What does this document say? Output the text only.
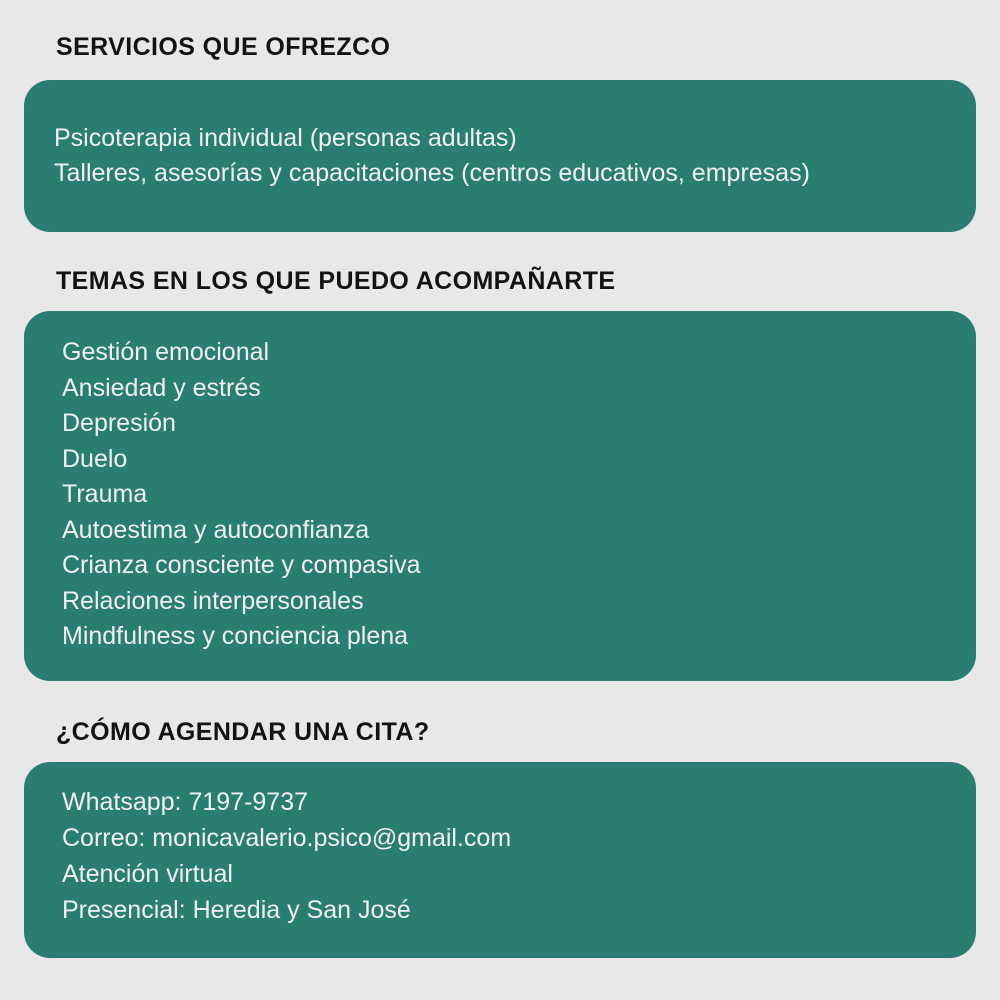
SERVICIOS QUE OFREZCO
Psicoterapia individual (personas adultas)
Talleres, asesorías y capacitaciones (centros educativos, empresas)
TEMAS EN LOS QUE PUEDO ACOMPAÑARTE
Gestión emocional
Ansiedad y estrés
Depresión
Duelo
Trauma
Autoestima y autoconfianza
Crianza consciente y compasiva
Relaciones interpersonales
Mindfulness y conciencia plena
¿CÓMO AGENDAR UNA CITA?
Whatsapp: 7197-9737
Correo: monicavalerio.psico@gmail.com
Atención virtual
Presencial: Heredia y San José
